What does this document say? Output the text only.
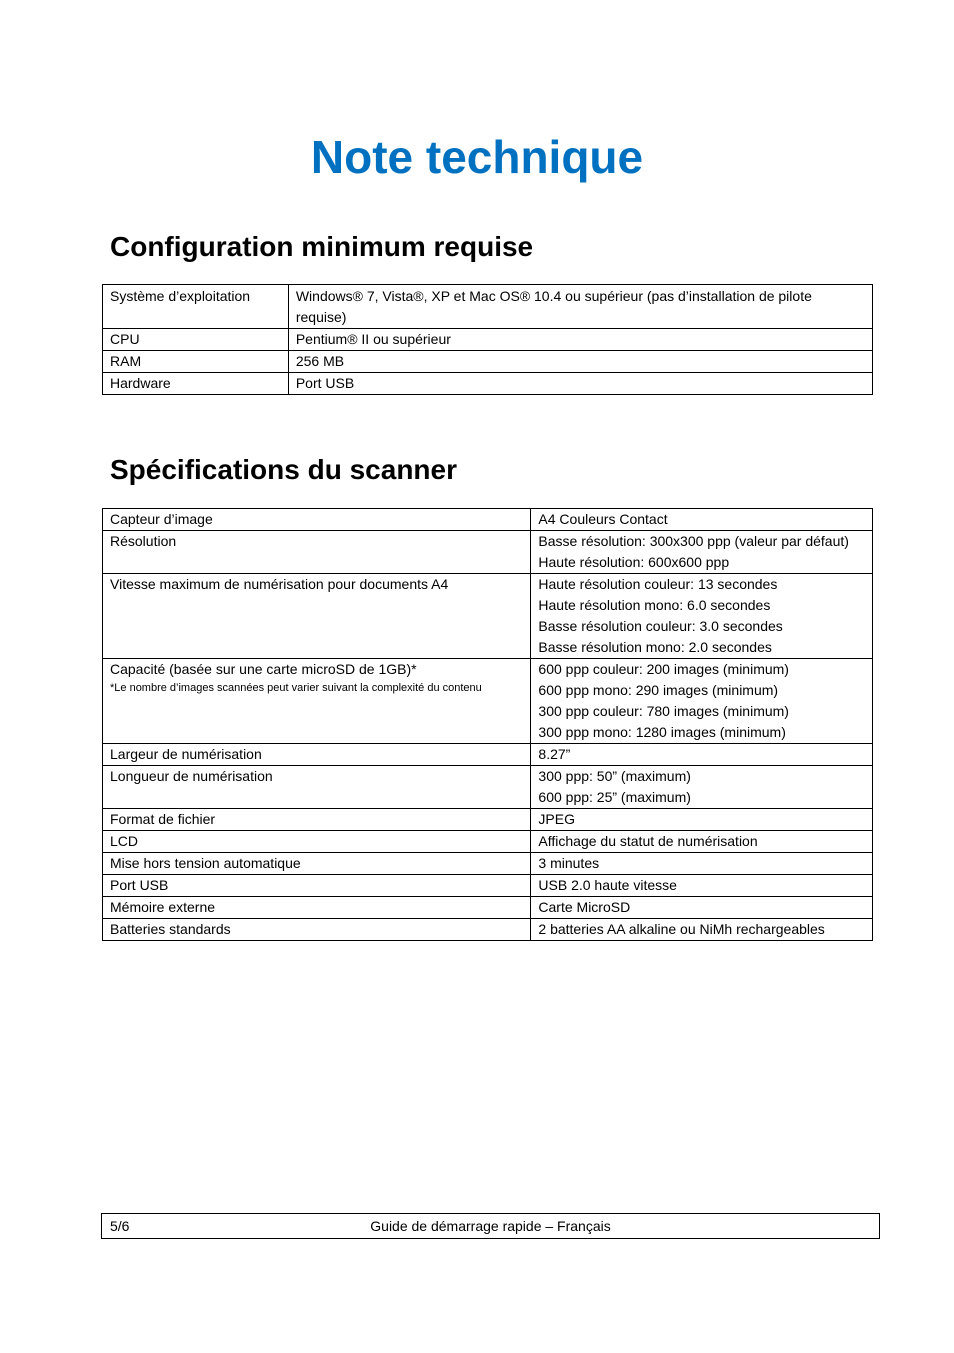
Note technique
Configuration minimum requise
Système d’exploitation	Windows® 7, Vista®, XP et Mac OS® 10.4 ou supérieur (pas d’installation de pilote requise)
CPU	Pentium® II ou supérieur
RAM	256 MB
Hardware	Port USB
Spécifications du scanner
Capteur d’image	A4 Couleurs Contact

Résolution	Basse résolution: 300x300 ppp (valeur par défaut)
Haute résolution: 600x600 ppp

Vitesse maximum de numérisation pour documents A4	Haute résolution couleur: 13 secondes
Haute résolution mono: 6.0 secondes
Basse résolution couleur: 3.0 secondes
Basse résolution mono: 2.0 secondes

Capacité (basée sur une carte microSD de 1GB)*
*Le nombre d’images scannées peut varier suivant la complexité du contenu	600 ppp couleur: 200 images (minimum)
600 ppp mono: 290 images (minimum)
300 ppp couleur: 780 images (minimum)
300 ppp mono: 1280 images (minimum)

Largeur de numérisation	8.27”

Longueur de numérisation	300 ppp: 50” (maximum)
600 ppp: 25” (maximum)

Format de fichier	JPEG

LCD	Affichage du statut de numérisation

Mise hors tension automatique	3 minutes

Port USB	USB 2.0 haute vitesse

Mémoire externe	Carte MicroSD

Batteries standards	2 batteries AA alkaline ou NiMh rechargeables
5/6	Guide de démarrage rapide – Français
